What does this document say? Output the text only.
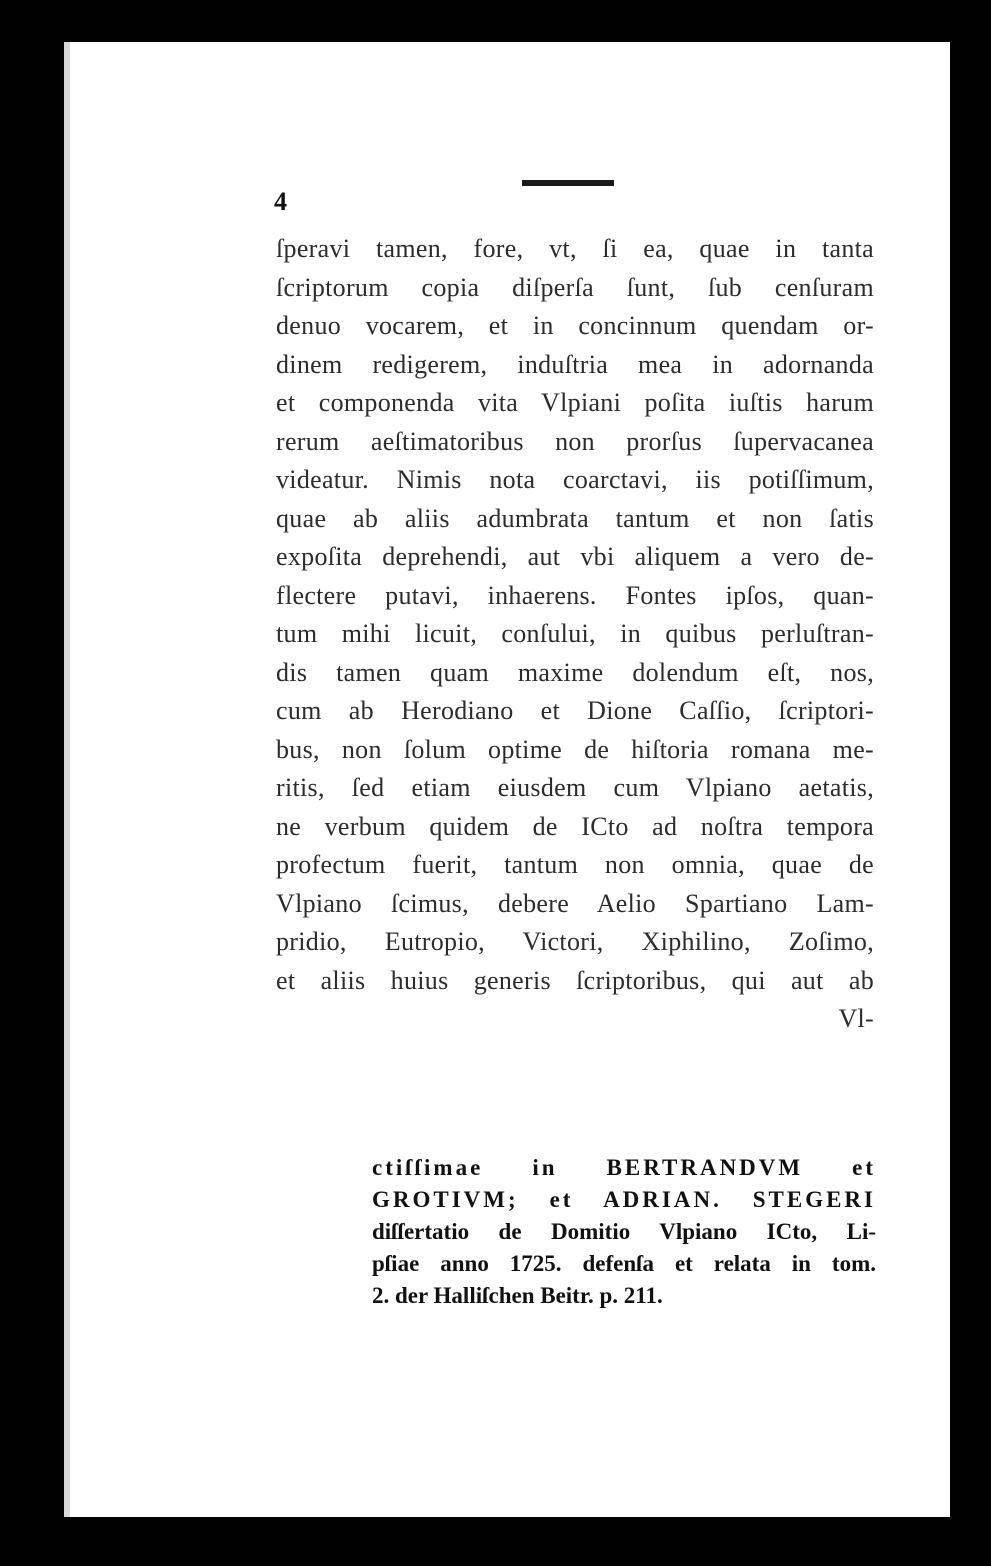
4
ſperavi tamen, fore, vt, ſi ea, quae in tanta
ſcriptorum copia diſperſa ſunt, ſub cenſuram
denuo vocarem, et in concinnum quendam or-
dinem redigerem, induſtria mea in adornanda
et componenda vita Vlpiani poſita iuſtis harum
rerum aeſtimatoribus non prorſus ſupervacanea
videatur. Nimis nota coarctavi, iis potiſſimum,
quae ab aliis adumbrata tantum et non ſatis
expoſita deprehendi, aut vbi aliquem a vero de-
flectere putavi, inhaerens. Fontes ipſos, quan-
tum mihi licuit, conſului, in quibus perluſtran-
dis tamen quam maxime dolendum eſt, nos,
cum ab Herodiano et Dione Caſſio, ſcriptori-
bus, non ſolum optime de hiſtoria romana me-
ritis, ſed etiam eiusdem cum Vlpiano aetatis,
ne verbum quidem de ICto ad noſtra tempora
profectum fuerit, tantum non omnia, quae de
Vlpiano ſcimus, debere Aelio Spartiano Lam-
pridio, Eutropio, Victori, Xiphilino, Zoſimo,
et aliis huius generis ſcriptoribus, qui aut ab
Vl-
ctiſſimae in BERTRANDVM et
GROTIVM; et ADRIAN. STEGERI
diſſertatio de Domitio Vlpiano ICto, Li-
pſiae anno 1725. defenſa et relata in tom.
2. der Halliſchen Beitr. p. 211.
